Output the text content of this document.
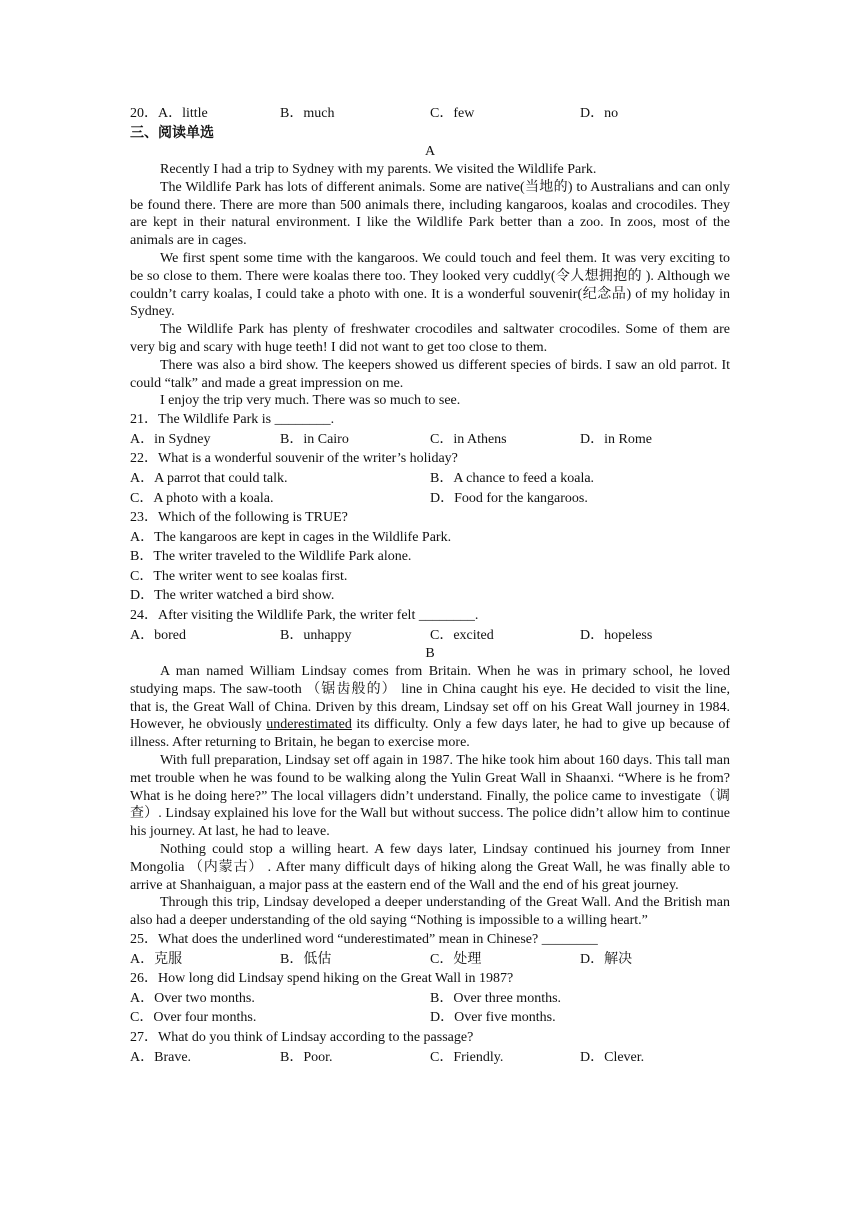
20．A．little	B．much	C．few	D．no
三、阅读单选
A

Recently I had a trip to Sydney with my parents. We visited the Wildlife Park.

The Wildlife Park has lots of different animals. Some are native(当地的) to Australians and can only be found there. There are more than 500 animals there, including kangaroos, koalas and crocodiles. They are kept in their natural environment. I like the Wildlife Park better than a zoo. In zoos, most of the animals are in cages.

We first spent some time with the kangaroos. We could touch and feel them. It was very exciting to be so close to them. There were koalas there too. They looked very cuddly(令人想拥抱的 ). Although we couldn’t carry koalas, I could take a photo with one. It is a wonderful souvenir(纪念品) of my holiday in Sydney.

The Wildlife Park has plenty of freshwater crocodiles and saltwater crocodiles. Some of them are very big and scary with huge teeth! I did not want to get too close to them.

There was also a bird show. The keepers showed us different species of birds. I saw an old parrot. It could “talk” and made a great impression on me.

I enjoy the trip very much. There was so much to see.

21．The Wildlife Park is ________.
A．in Sydney	B．in Cairo	C．in Athens	D．in Rome
22．What is a wonderful souvenir of the writer’s holiday?
A．A parrot that could talk.	B．A chance to feed a koala.
C．A photo with a koala.	D．Food for the kangaroos.
23．Which of the following is TRUE?
A．The kangaroos are kept in cages in the Wildlife Park.
B．The writer traveled to the Wildlife Park alone.
C．The writer went to see koalas first.
D．The writer watched a bird show.
24．After visiting the Wildlife Park, the writer felt ________.
A．bored	B．unhappy	C．excited	D．hopeless
B

A man named William Lindsay comes from Britain. When he was in primary school, he loved studying maps. The saw-tooth （锯齿般的） line in China caught his eye. He decided to visit the line, that is, the Great Wall of China. Driven by this dream, Lindsay set off on his Great Wall journey in 1984. However, he obviously underestimated its difficulty. Only a few days later, he had to give up because of illness. After returning to Britain, he began to exercise more.

With full preparation, Lindsay set off again in 1987. The hike took him about 160 days. This tall man met trouble when he was found to be walking along the Yulin Great Wall in Shaanxi. “Where is he from? What is he doing here?” The local villagers didn’t understand. Finally, the police came to investigate（调查）. Lindsay explained his love for the Wall but without success. The police didn’t allow him to continue his journey. At last, he had to leave.

Nothing could stop a willing heart. A few days later, Lindsay continued his journey from Inner Mongolia （内蒙古） . After many difficult days of hiking along the Great Wall, he was finally able to arrive at Shanhaiguan, a major pass at the eastern end of the Wall and the end of his great journey.

Through this trip, Lindsay developed a deeper understanding of the Great Wall. And the British man also had a deeper understanding of the old saying “Nothing is impossible to a willing heart.”

25．What does the underlined word “underestimated” mean in Chinese? ________
A．克服	B．低估	C．处理	D．解决
26．How long did Lindsay spend hiking on the Great Wall in 1987?
A．Over two months.	B．Over three months.
C．Over four months.	D．Over five months.
27．What do you think of Lindsay according to the passage?
A．Brave.	B．Poor.	C．Friendly.	D．Clever.
